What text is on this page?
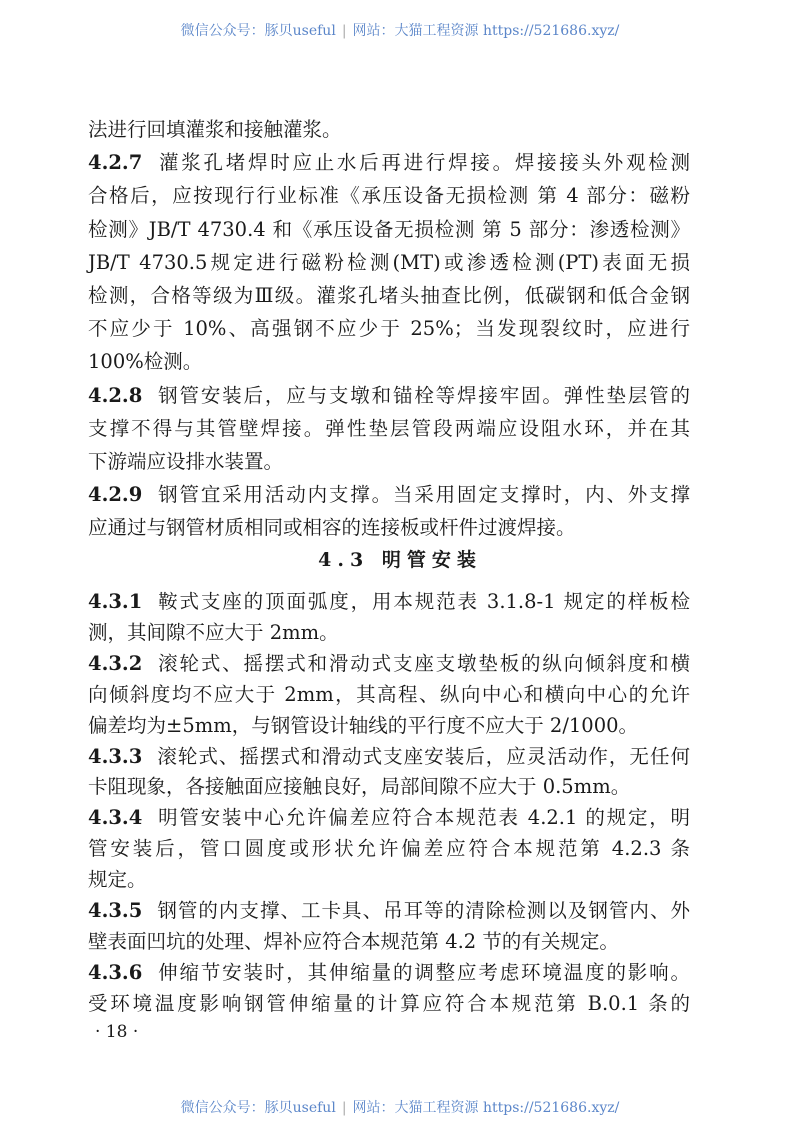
微信公众号：豚贝useful | 网站：大猫工程资源 https://521686.xyz/
法进行回填灌浆和接触灌浆。
4.2.7 灌浆孔堵焊时应止水后再进行焊接。焊接接头外观检测
合格后，应按现行行业标准《承压设备无损检测 第 4 部分：磁粉
检测》JB/T 4730.4 和《承压设备无损检测 第 5 部分：渗透检测》
JB/T 4730.5规定进行磁粉检测(MT)或渗透检测(PT)表面无损
检测，合格等级为Ⅲ级。灌浆孔堵头抽查比例，低碳钢和低合金钢
不应少于 10%、高强钢不应少于 25%；当发现裂纹时，应进行
100%检测。
4.2.8 钢管安装后，应与支墩和锚栓等焊接牢固。弹性垫层管的
支撑不得与其管壁焊接。弹性垫层管段两端应设阻水环，并在其
下游端应设排水装置。
4.2.9 钢管宜采用活动内支撑。当采用固定支撑时，内、外支撑
应通过与钢管材质相同或相容的连接板或杆件过渡焊接。
4.3.1 鞍式支座的顶面弧度，用本规范表 3.1.8-1 规定的样板检
测，其间隙不应大于 2mm。
4.3.2 滚轮式、摇摆式和滑动式支座支墩垫板的纵向倾斜度和横
向倾斜度均不应大于 2mm，其高程、纵向中心和横向中心的允许
偏差均为±5mm，与钢管设计轴线的平行度不应大于 2/1000。
4.3.3 滚轮式、摇摆式和滑动式支座安装后，应灵活动作，无任何
卡阻现象，各接触面应接触良好，局部间隙不应大于 0.5mm。
4.3.4 明管安装中心允许偏差应符合本规范表 4.2.1 的规定，明
管安装后，管口圆度或形状允许偏差应符合本规范第 4.2.3 条
规定。
4.3.5 钢管的内支撑、工卡具、吊耳等的清除检测以及钢管内、外
壁表面凹坑的处理、焊补应符合本规范第 4.2 节的有关规定。
4.3.6 伸缩节安装时，其伸缩量的调整应考虑环境温度的影响。
受环境温度影响钢管伸缩量的计算应符合本规范第 B.0.1 条的
4.3 明管安装
· 18 ·
微信公众号：豚贝useful | 网站：大猫工程资源 https://521686.xyz/
